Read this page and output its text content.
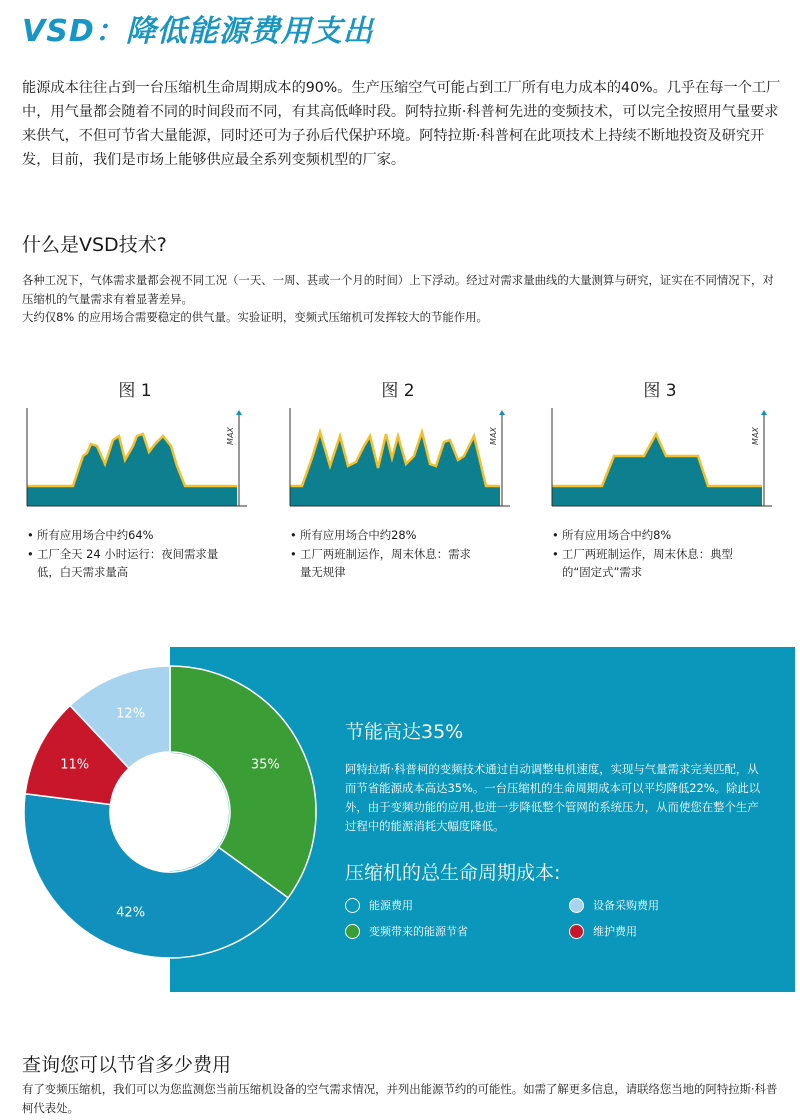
VSD：降低能源费用支出

能源成本往往占到一台压缩机生命周期成本的90%。生产压缩空气可能占到工厂所有电力成本的40%。几乎在每一个工厂中，用气量都会随着不同的时间段而不同，有其高低峰时段。阿特拉斯·科普柯先进的变频技术，可以完全按照用气量要求来供气，不但可节省大量能源，同时还可为子孙后代保护环境。阿特拉斯·科普柯在此项技术上持续不断地投资及研究开发，目前，我们是市场上能够供应最全系列变频机型的厂家。

什么是VSD技术?

各种工况下，气体需求量都会视不同工况（一天、一周、甚或一个月的时间）上下浮动。经过对需求量曲线的大量测算与研究，证实在不同情况下，对压缩机的气量需求有着显著差异。

大约仅8% 的应用场合需要稳定的供气量。实验证明，变频式压缩机可发挥较大的节能作用。

图 1
MAX
• 所有应用场合中约64%
• 工厂全天 24 小时运行：夜间需求量低，白天需求量高
图 2
MAX
• 所有应用场合中约28%
• 工厂两班制运作，周末休息：需求量无规律
图 3
MAX
• 所有应用场合中约8%
• 工厂两班制运作，周末休息：典型的“固定式”需求
35%
42%
11%
12%
节能高达35%

阿特拉斯·科普柯的变频技术通过自动调整电机速度，实现与气量需求完美匹配，从而节省能源成本高达35%。一台压缩机的生命周期成本可以平均降低22%。除此以外，由于变频功能的应用,也进一步降低整个管网的系统压力，从而使您在整个生产过程中的能源消耗大幅度降低。

压缩机的总生命周期成本:
能源费用	设备采购费用
变频带来的能源节省	维护费用
查询您可以节省多少费用

有了变频压缩机，我们可以为您监测您当前压缩机设备的空气需求情况，并列出能源节约的可能性。如需了解更多信息，请联络您当地的阿特拉斯·科普柯代表处。
